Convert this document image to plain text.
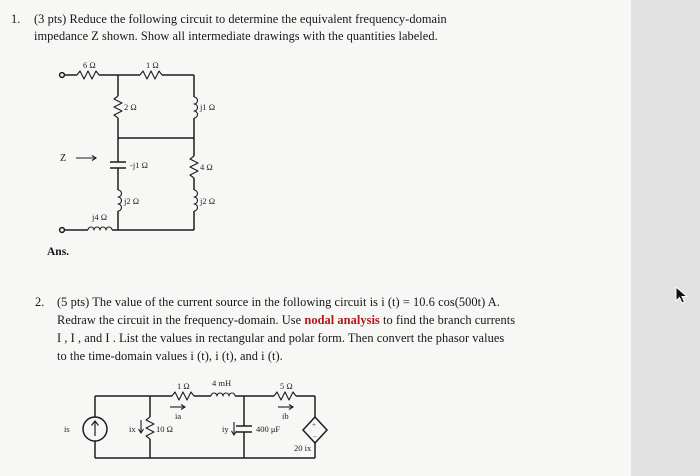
1. (3 pts) Reduce the following circuit to determine the equivalent frequency-domain
impedance Z shown. Show all intermediate drawings with the quantities labeled.
2. (5 pts) The value of the current source in the following circuit is i (t) = 10.6 cos(500t) A.
Redraw the circuit in the frequency-domain. Use nodal analysis to find the branch currents
I , I , and I . List the values in rectangular and polar form. Then convert the phasor values
to the time-domain values i (t), i (t), and i (t).
Ans.
6 Ω	1 Ω
2 Ω	j1 Ω
Z
-j1 Ω	4 Ω
j2 Ω	j2 Ω
j4 Ω
+
−
1 Ω	4 mH	5 Ω
ia	ib
is	ix 10 Ω	iy	400 μF
20 ix
